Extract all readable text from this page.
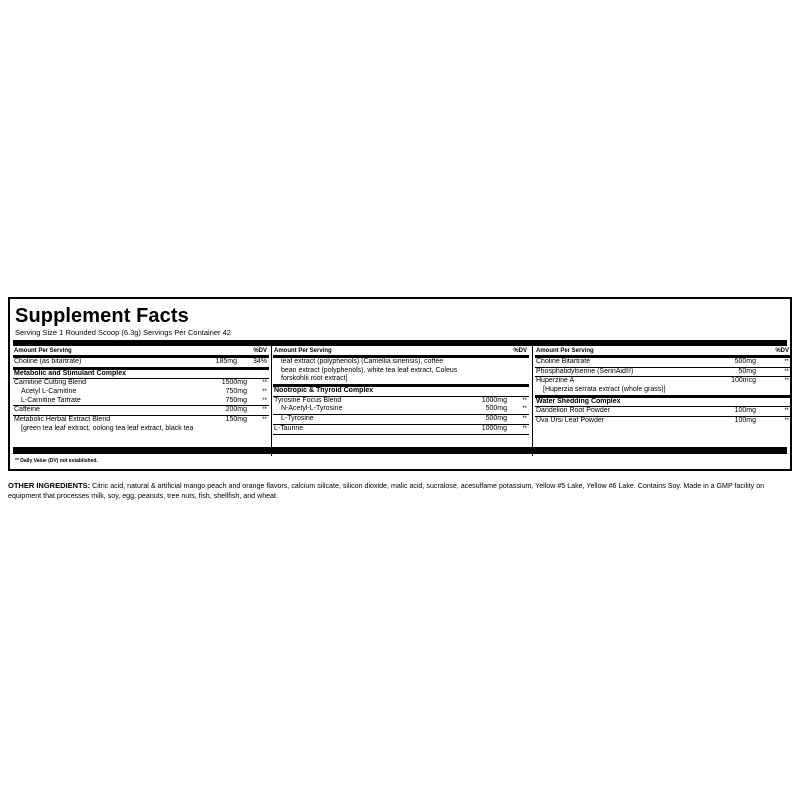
Supplement Facts
Serving Size 1 Rounded Scoop (6.3g) Servings Per Container 42
Amount Per Serving	%DV
Choline (as bitartrate)	185mg 34%
Metabolic and Stimulant Complex
Carnitine Cutting Blend	1500mg	**
Acetyl L-Carnitine	750mg	**
L-Carnitine Tartrate	750mg	**
Caffeine	200mg	**
Metabolic Herbal Extract Blend	150mg	**
[green tea leaf extract, oolong tea leaf extract, black tea
Amount Per Serving	%DV
leaf extract (polyphenols) (Camellia sinensis), coffee
bean extract (polyphenols), white tea leaf extract, Coleus
forskohlii root extract]
Nootropic & Thyroid Complex
Tyrosine Focus Blend	1000mg	**
N-Acetyl-L-Tyrosine	500mg	**
L-Tyrosine	500mg	**
L-Taurine	1000mg	**
Amount Per Serving	%DV
Choline Bitartrate	500mg	**
Phosphatidylserine (SerinAid®)	50mg	**
Huperzine A	100mcg	**
[Huperzia serrata extract (whole grass)]
Water Shedding Complex
Dandelion Root Powder	100mg	**
Uva Ursi Leaf Powder	100mg	**
** Daily Value (DV) not established.
OTHER INGREDIENTS: Citric acid, natural & artificial mango peach and orange flavors, calcium silicate, silicon dioxide, malic acid, sucralose, acesulfame potassium, Yellow #5 Lake, Yellow #6 Lake. Contains Soy. Made in a GMP facility on equipment that processes milk, soy, egg, peanuts, tree nuts, fish, shellfish, and wheat.
